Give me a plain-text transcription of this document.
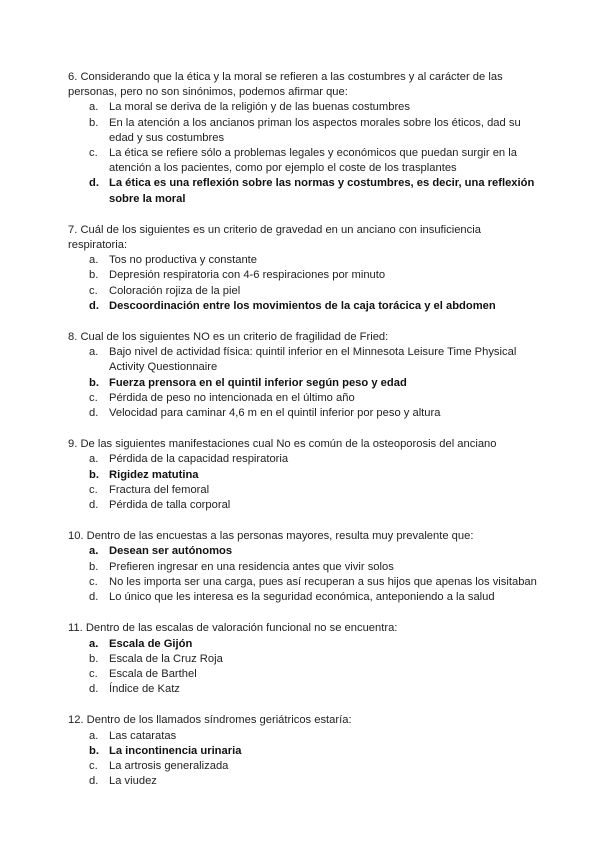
6. Considerando que la ética y la moral se refieren a las costumbres y al carácter de las personas, pero no son sinónimos, podemos afirmar que:
a. La moral se deriva de la religión y de las buenas costumbres
b. En la atención a los ancianos priman los aspectos morales sobre los éticos, dad su edad y sus costumbres
c. La ética se refiere sólo a problemas legales y económicos que puedan surgir en la atención a los pacientes, como por ejemplo el coste de los trasplantes
d. La ética es una reflexión sobre las normas y costumbres, es decir, una reflexión sobre la moral
7. Cuál de los siguientes es un criterio de gravedad en un anciano con insuficiencia respiratoria:
a. Tos no productiva y constante
b. Depresión respiratoria con 4-6 respiraciones por minuto
c. Coloración rojiza de la piel
d. Descoordinación entre los movimientos de la caja torácica y el abdomen
8. Cual de los siguientes NO es un criterio de fragilidad de Fried:
a. Bajo nivel de actividad física: quintil inferior en el Minnesota Leisure Time Physical Activity Questionnaire
b. Fuerza prensora en el quintil inferior según peso y edad
c. Pérdida de peso no intencionada en el último año
d. Velocidad para caminar 4,6 m en el quintil inferior por peso y altura
9. De las siguientes manifestaciones cual No es común de la osteoporosis del anciano
a. Pérdida de la capacidad respiratoria
b. Rigidez matutina
c. Fractura del femoral
d. Pérdida de talla corporal
10. Dentro de las encuestas a las personas mayores, resulta muy prevalente que:
a. Desean ser autónomos
b. Prefieren ingresar en una residencia antes que vivir solos
c. No les importa ser una carga, pues así recuperan a sus hijos que apenas los visitaban
d. Lo único que les interesa es la seguridad económica, anteponiendo a la salud
11. Dentro de las escalas de valoración funcional no se encuentra:
a. Escala de Gijón
b. Escala de la Cruz Roja
c. Escala de Barthel
d. Índice de Katz
12. Dentro de los llamados síndromes geriátricos estaría:
a. Las cataratas
b. La incontinencia urinaria
c. La artrosis generalizada
d. La viudez
